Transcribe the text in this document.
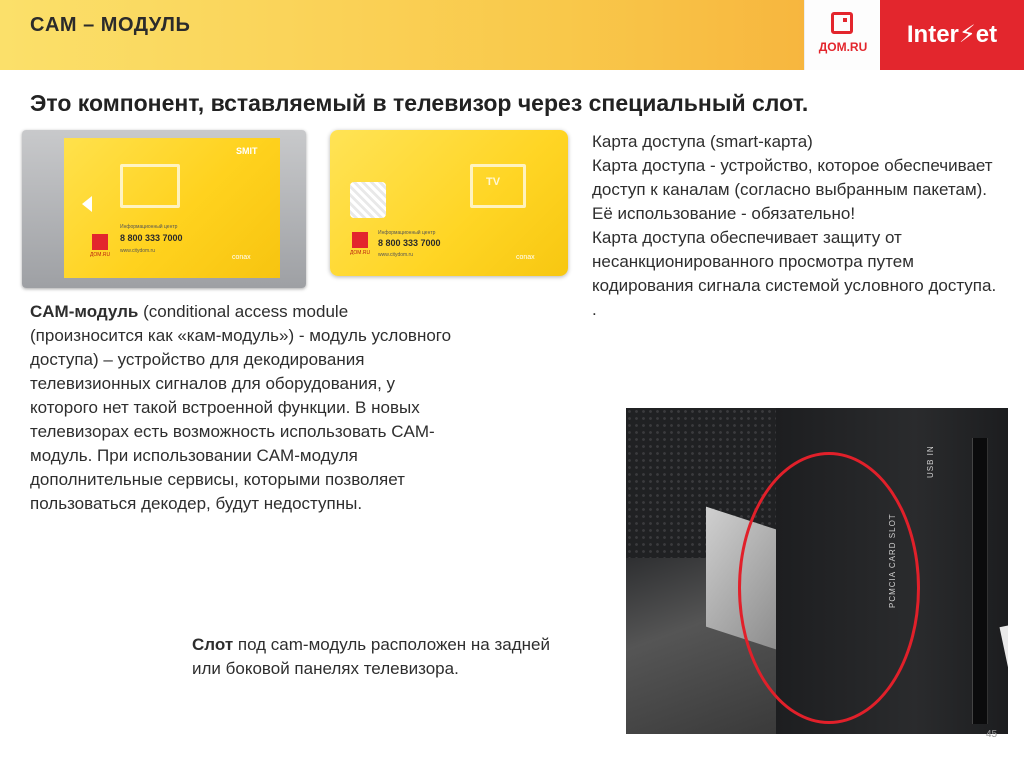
CAM – МОДУЛЬ
ДОМ.RU	Inter⚡et
Это компонент, вставляемый в телевизор через специальный слот.
SMIT
Информационный центр
8 800 333 7000
www.citydom.ru
ДОМ.RU	conax
TV
ДОМ.RU
Информационный центр
8 800 333 7000
www.citydom.ru	conax
CAM-модуль (conditional access module (произносится как «кам-модуль») - модуль условного доступа) – устройство для декодирования телевизионных сигналов для оборудования, у которого нет такой встроенной функции. В новых телевизорах есть возможность использовать CAM-модуль. При использовании CAM-модуля дополнительные сервисы, которыми позволяет пользоваться декодер, будут недоступны.
Карта доступа (smart-карта)
Карта доступа - устройство, которое обеспечивает доступ к каналам (согласно выбранным пакетам). Её использование - обязательно!
Карта доступа обеспечивает защиту от несанкционированного просмотра путем кодирования сигнала системой условного доступа.
.
Слот под cam-модуль расположен на задней или боковой панелях телевизора.
PCMCIA CARD SLOT
USB IN
45
